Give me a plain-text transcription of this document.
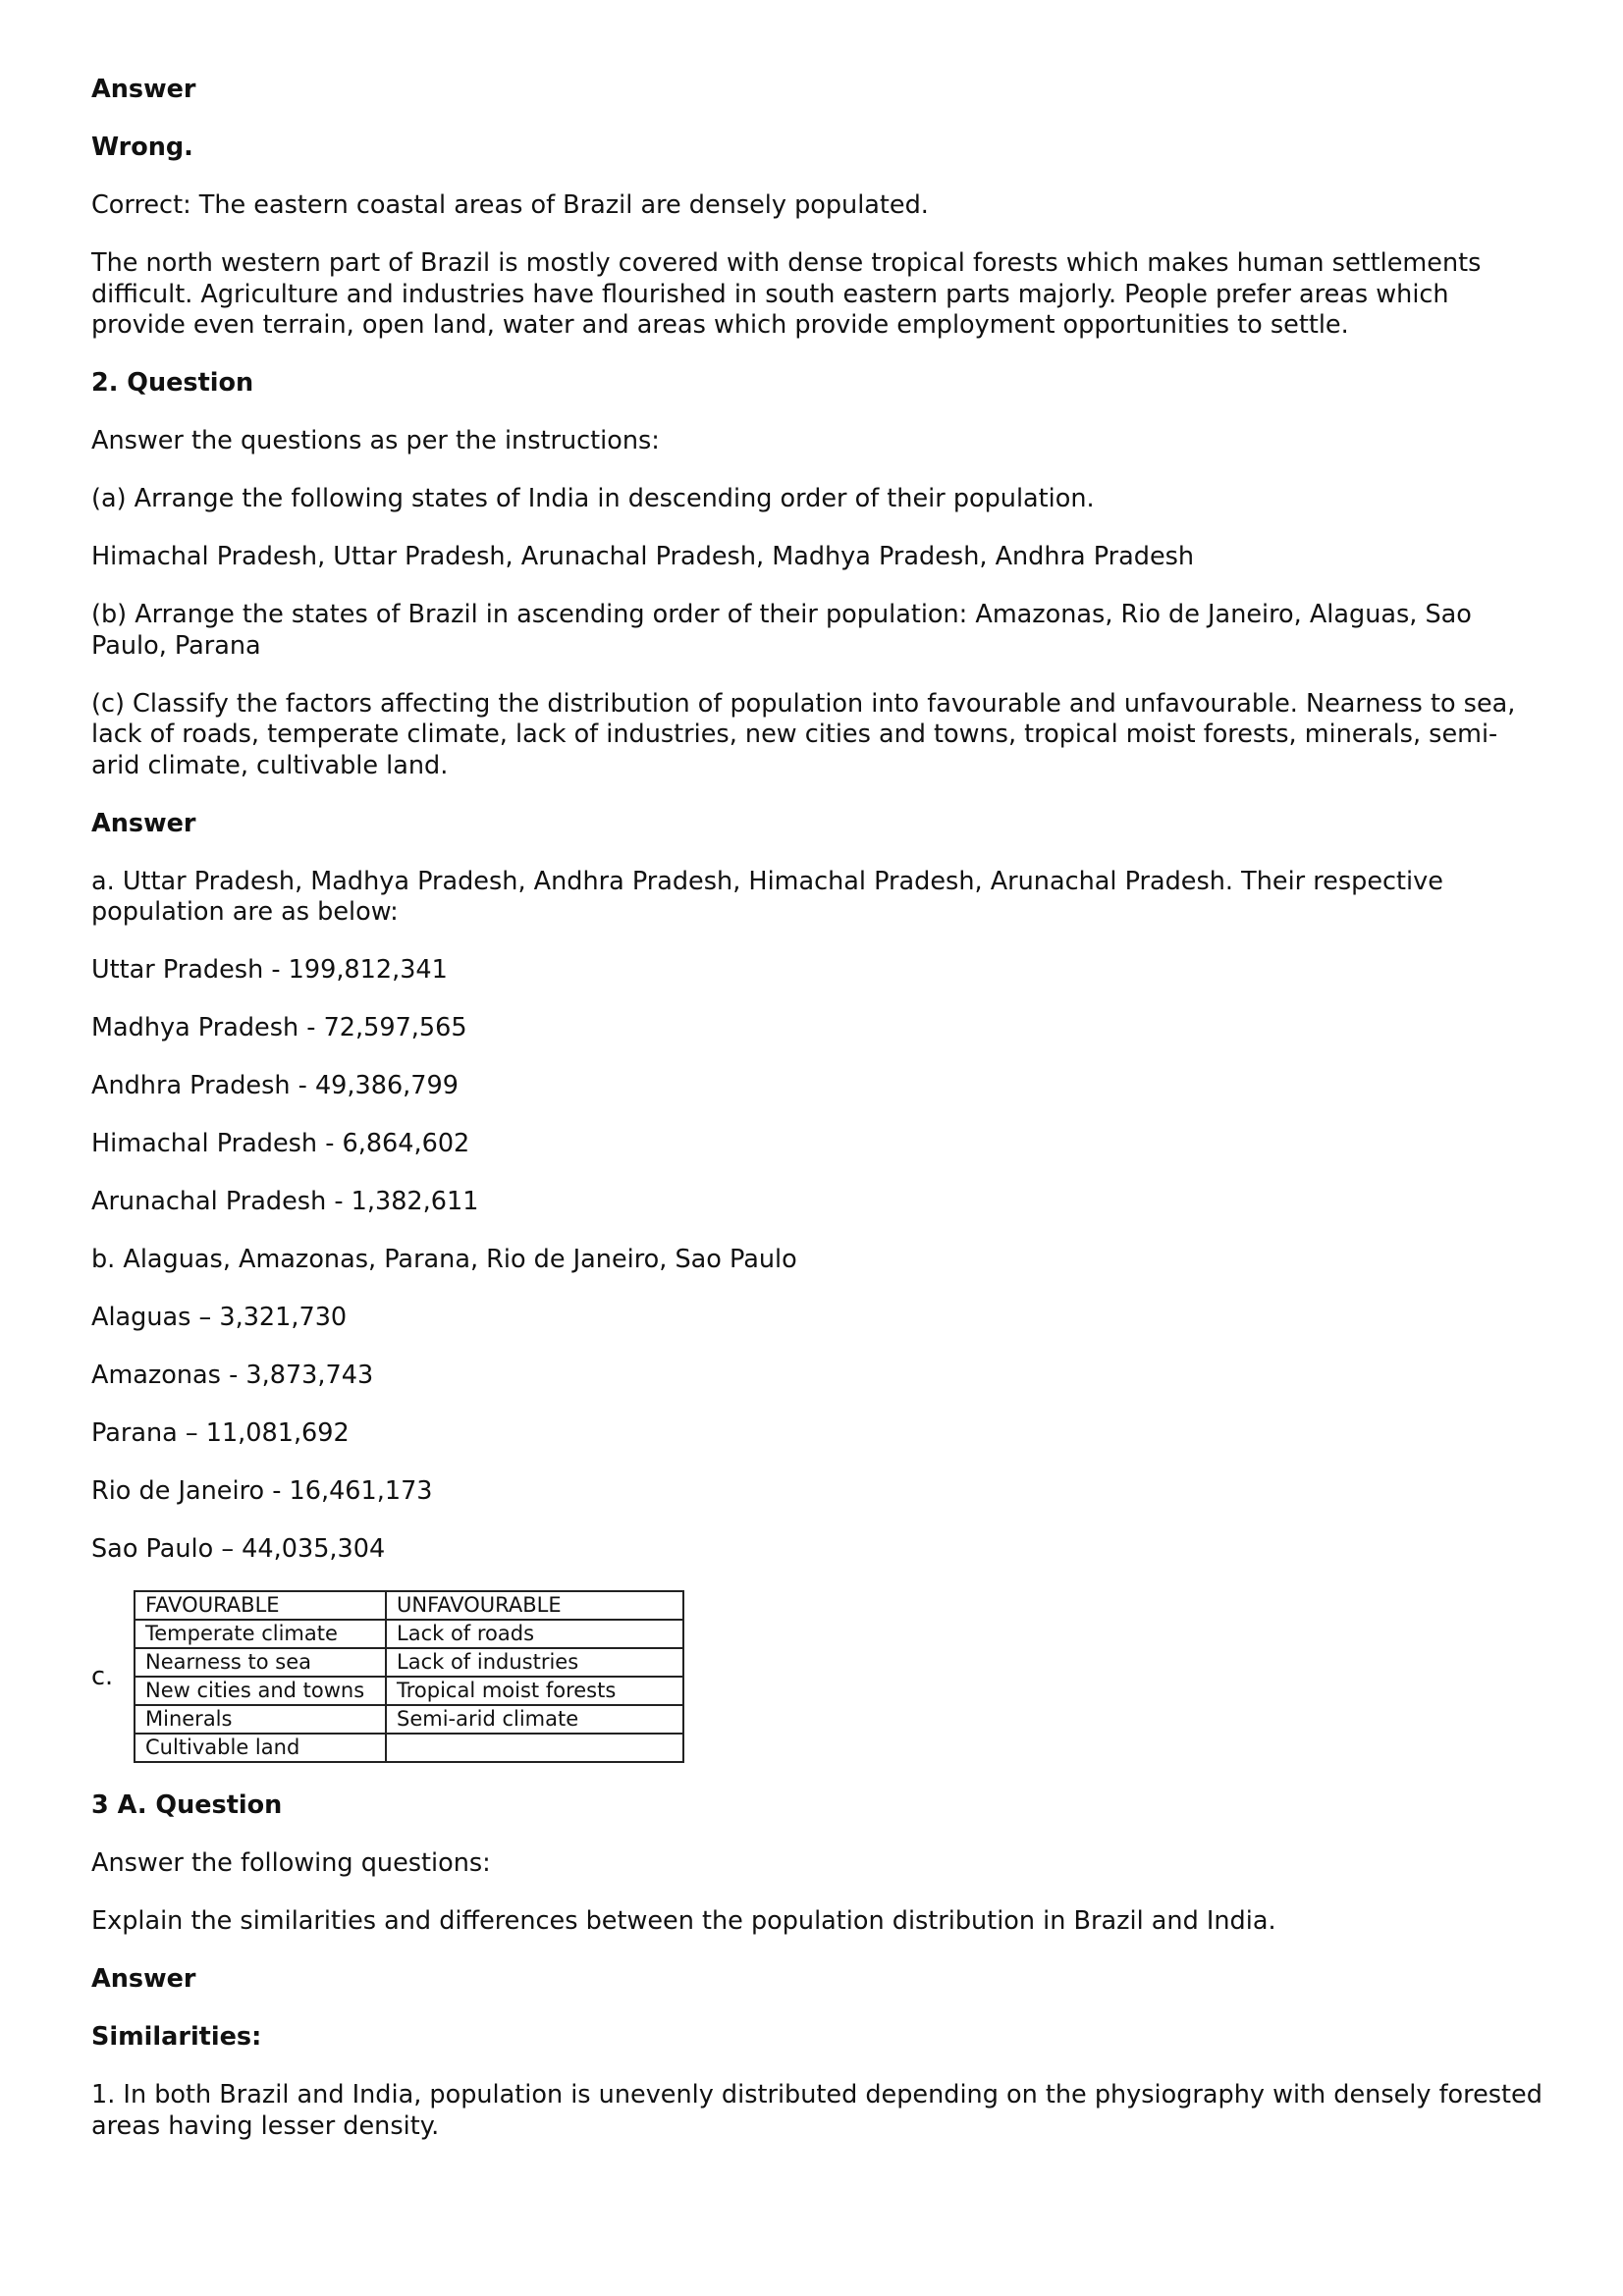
Answer
Wrong.
Correct: The eastern coastal areas of Brazil are densely populated.
The north western part of Brazil is mostly covered with dense tropical forests which makes human settlements difficult. Agriculture and industries have flourished in south eastern parts majorly. People prefer areas which provide even terrain, open land, water and areas which provide employment opportunities to settle.
2. Question
Answer the questions as per the instructions:
(a) Arrange the following states of India in descending order of their population.
Himachal Pradesh, Uttar Pradesh, Arunachal Pradesh, Madhya Pradesh, Andhra Pradesh
(b) Arrange the states of Brazil in ascending order of their population: Amazonas, Rio de Janeiro, Alaguas, Sao Paulo, Parana
(c) Classify the factors affecting the distribution of population into favourable and unfavourable. Nearness to sea, lack of roads, temperate climate, lack of industries, new cities and towns, tropical moist forests, minerals, semi-arid climate, cultivable land.
Answer
a. Uttar Pradesh, Madhya Pradesh, Andhra Pradesh, Himachal Pradesh, Arunachal Pradesh. Their respective population are as below:
Uttar Pradesh - 199,812,341
Madhya Pradesh - 72,597,565
Andhra Pradesh - 49,386,799
Himachal Pradesh - 6,864,602
Arunachal Pradesh - 1,382,611
b. Alaguas, Amazonas, Parana, Rio de Janeiro, Sao Paulo
Alaguas – 3,321,730
Amazonas - 3,873,743
Parana – 11,081,692
Rio de Janeiro - 16,461,173
Sao Paulo – 44,035,304
c.
FAVOURABLE	UNFAVOURABLE
Temperate climate	Lack of roads
Nearness to sea	Lack of industries
New cities and towns	Tropical moist forests
Minerals	Semi-arid climate
Cultivable land	
3 A. Question
Answer the following questions:
Explain the similarities and differences between the population distribution in Brazil and India.
Answer
Similarities:
1. In both Brazil and India, population is unevenly distributed depending on the physiography with densely forested areas having lesser density.
